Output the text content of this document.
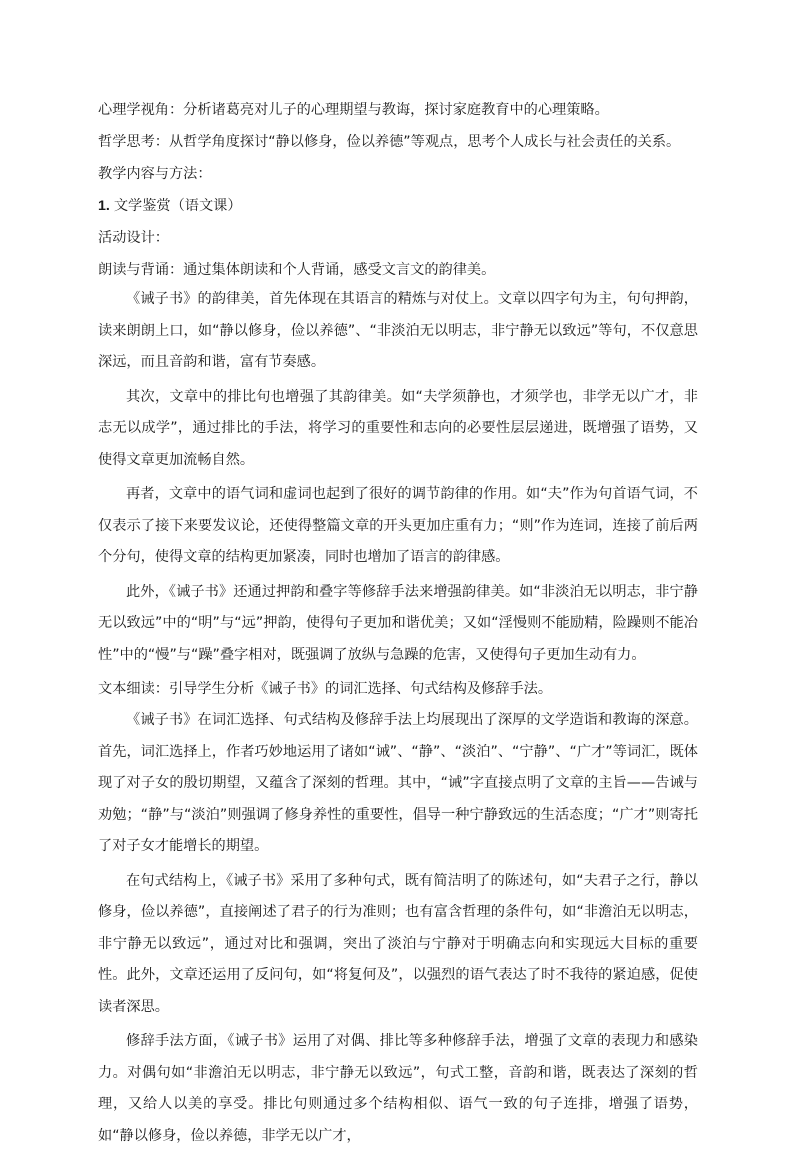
心理学视角：分析诸葛亮对儿子的心理期望与教诲，探讨家庭教育中的心理策略。

哲学思考：从哲学角度探讨“静以修身，俭以养德”等观点，思考个人成长与社会责任的关系。

教学内容与方法：

1. 文学鉴赏（语文课）

活动设计：

朗读与背诵：通过集体朗读和个人背诵，感受文言文的韵律美。

《诫子书》的韵律美，首先体现在其语言的精炼与对仗上。文章以四字句为主，句句押韵，读来朗朗上口，如“静以修身，俭以养德”、“非淡泊无以明志，非宁静无以致远”等句，不仅意思深远，而且音韵和谐，富有节奏感。

其次，文章中的排比句也增强了其韵律美。如“夫学须静也，才须学也，非学无以广才，非志无以成学”，通过排比的手法，将学习的重要性和志向的必要性层层递进，既增强了语势，又使得文章更加流畅自然。

再者，文章中的语气词和虚词也起到了很好的调节韵律的作用。如“夫”作为句首语气词，不仅表示了接下来要发议论，还使得整篇文章的开头更加庄重有力；“则”作为连词，连接了前后两个分句，使得文章的结构更加紧凑，同时也增加了语言的韵律感。

此外，《诫子书》还通过押韵和叠字等修辞手法来增强韵律美。如“非淡泊无以明志，非宁静无以致远”中的“明”与“远”押韵，使得句子更加和谐优美；又如“淫慢则不能励精，险躁则不能冶性”中的“慢”与“躁”叠字相对，既强调了放纵与急躁的危害，又使得句子更加生动有力。

文本细读：引导学生分析《诫子书》的词汇选择、句式结构及修辞手法。

《诫子书》在词汇选择、句式结构及修辞手法上均展现出了深厚的文学造诣和教诲的深意。首先，词汇选择上，作者巧妙地运用了诸如“诫”、“静”、“淡泊”、“宁静”、“广才”等词汇，既体现了对子女的殷切期望，又蕴含了深刻的哲理。其中，“诫”字直接点明了文章的主旨——告诫与劝勉；“静”与“淡泊”则强调了修身养性的重要性，倡导一种宁静致远的生活态度；“广才”则寄托了对子女才能增长的期望。

在句式结构上，《诫子书》采用了多种句式，既有简洁明了的陈述句，如“夫君子之行，静以修身，俭以养德”，直接阐述了君子的行为准则；也有富含哲理的条件句，如“非澹泊无以明志，非宁静无以致远”，通过对比和强调，突出了淡泊与宁静对于明确志向和实现远大目标的重要性。此外，文章还运用了反问句，如“将复何及”，以强烈的语气表达了时不我待的紧迫感，促使读者深思。

修辞手法方面，《诫子书》运用了对偶、排比等多种修辞手法，增强了文章的表现力和感染力。对偶句如“非澹泊无以明志，非宁静无以致远”，句式工整，音韵和谐，既表达了深刻的哲理，又给人以美的享受。排比句则通过多个结构相似、语气一致的句子连排，增强了语势，如“静以修身，俭以养德，非学无以广才，
